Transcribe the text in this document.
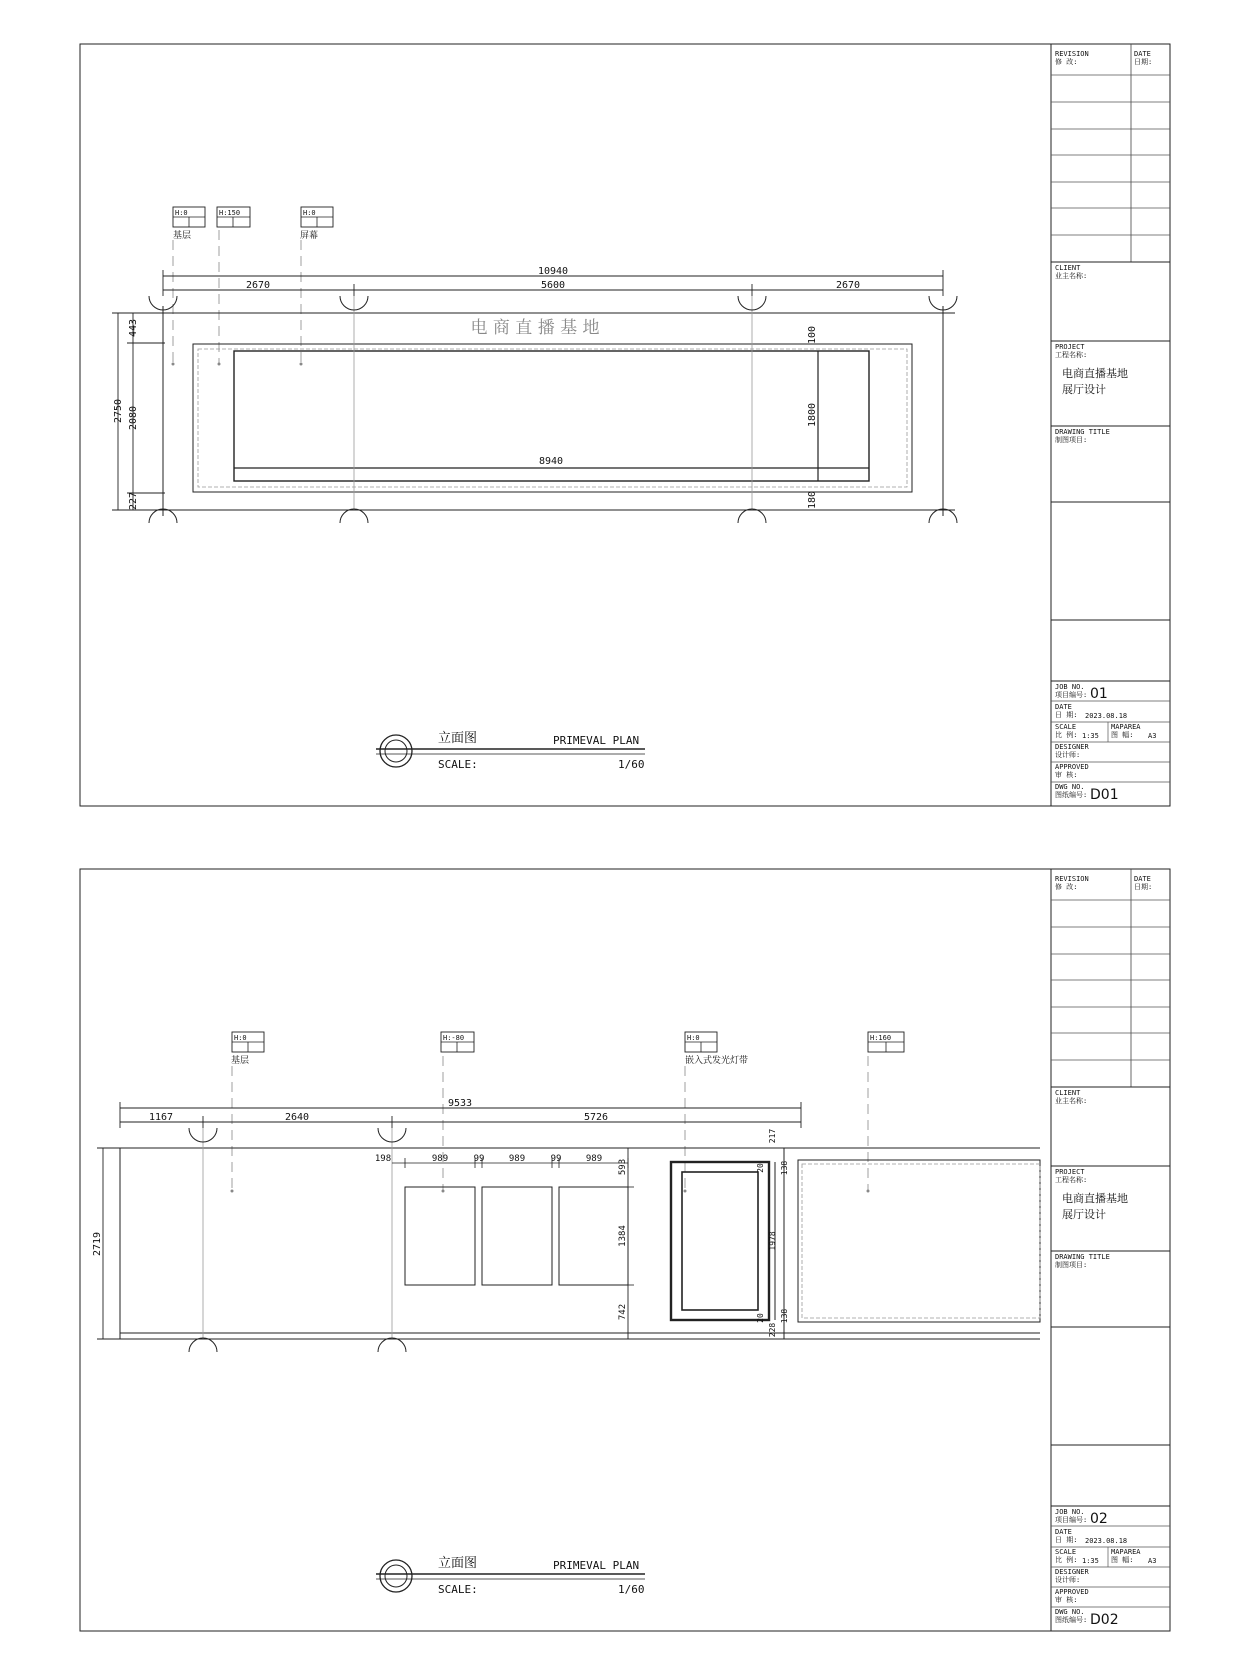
REVISION 修 改:
DATE 日期:
CLIENT 业主名称:
PROJECT 工程名称:
电商直播基地
展厅设计
DRAWING TITLE 制图项目:
JOB NO.项目编号: 01
DATE 日 期: 2023.08.18
SCALE 比 例: 1:35
MAPAREA 图 幅:	A3
DESIGNER 设计师:
APPROVED 审 核:
DWG NO.图纸编号: D01
H:0
基层
H:150	H:0
屏幕
10940
2670	5600	2670
2750
443
2080
227
电 商 直 播 基 地
8940
100
1800
180
立面图	PRIMEVAL PLAN
SCALE:	1/60
REVISION 修 改:
DATE 日期:
CLIENT 业主名称:
PROJECT 工程名称:
电商直播基地
展厅设计
DRAWING TITLE 制图项目:
JOB NO.项目编号: 02
DATE 日 期: 2023.08.18
SCALE 比 例: 1:35
MAPAREA 图 幅:	A3
DESIGNER 设计师:
APPROVED 审 核:
DWG NO.图纸编号: D02
H:0
基层
H:-80	H:0
嵌入式发光灯带
H:160
9533
1167	2640	5726
2719
198	989	99	989	99	989 593
1384
742
217
20 138
1978
20 138
228
立面图	PRIMEVAL PLAN
SCALE:	1/60
